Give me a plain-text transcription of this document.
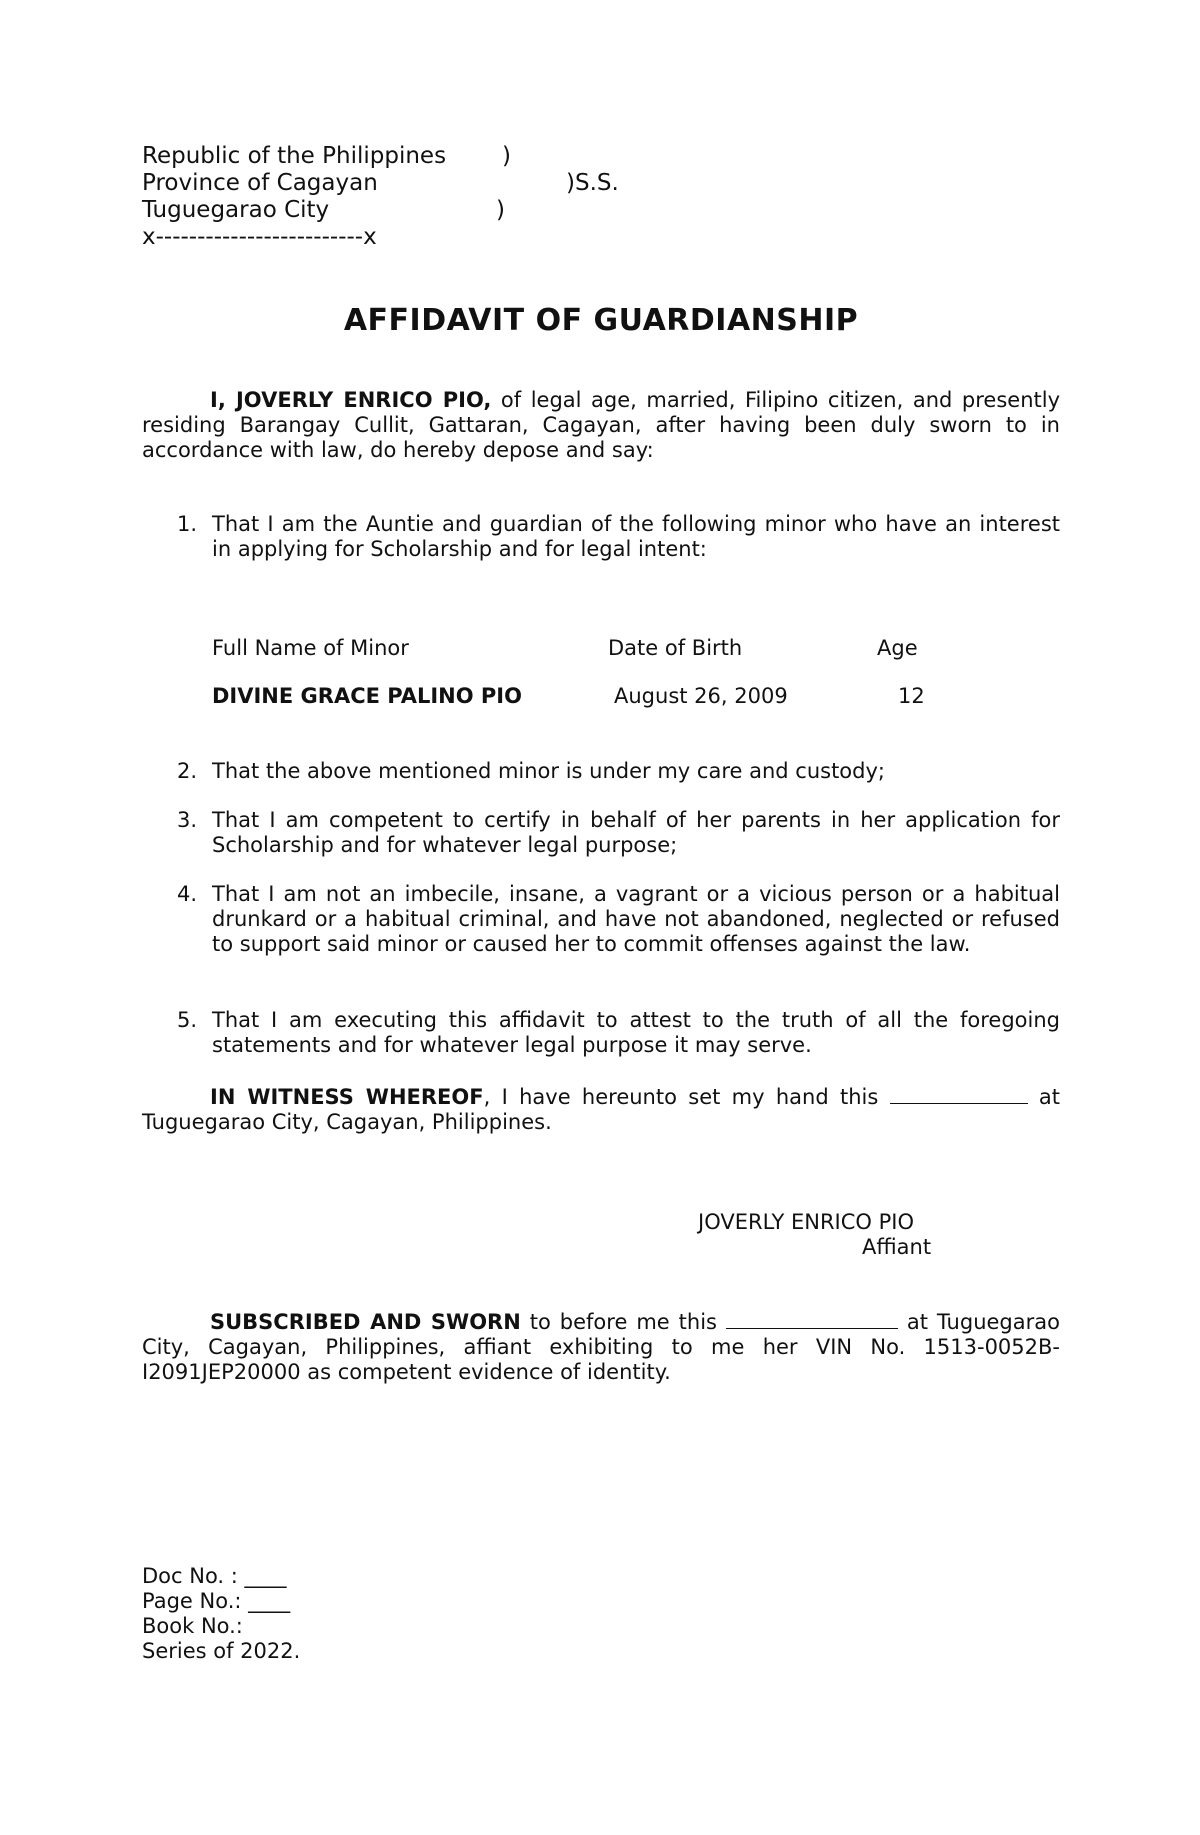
Republic of the Philippines )
Province of Cagayan	)S.S.
Tuguegarao City	)
x-------------------------x
AFFIDAVIT OF GUARDIANSHIP
I, JOVERLY ENRICO PIO, of legal age, married, Filipino citizen, and presently residing Barangay Cullit, Gattaran, Cagayan, after having been duly sworn to in accordance with law, do hereby depose and say:
1. That I am the Auntie and guardian of the following minor who have an interest in applying for Scholarship and for legal intent:
Full Name of Minor	Date of Birth	Age
DIVINE GRACE PALINO PIO	August 26, 2009	12
2. That the above mentioned minor is under my care and custody;
3. That I am competent to certify in behalf of her parents in her application for Scholarship and for whatever legal purpose;
4. That I am not an imbecile, insane, a vagrant or a vicious person or a habitual drunkard or a habitual criminal, and have not abandoned, neglected or refused to support said minor or caused her to commit offenses against the law.
5. That I am executing this affidavit to attest to the truth of all the foregoing statements and for whatever legal purpose it may serve.
IN WITNESS WHEREOF, I have hereunto set my hand this	at Tuguegarao City, Cagayan, Philippines.
JOVERLY ENRICO PIO
Affiant
SUBSCRIBED AND SWORN to before me this	at Tuguegarao City, Cagayan, Philippines, affiant exhibiting to me her VIN No. 1513-0052B-I2091JEP20000 as competent evidence of identity.
Doc No. : ____
Page No.: ____
Book No.:
Series of 2022.
